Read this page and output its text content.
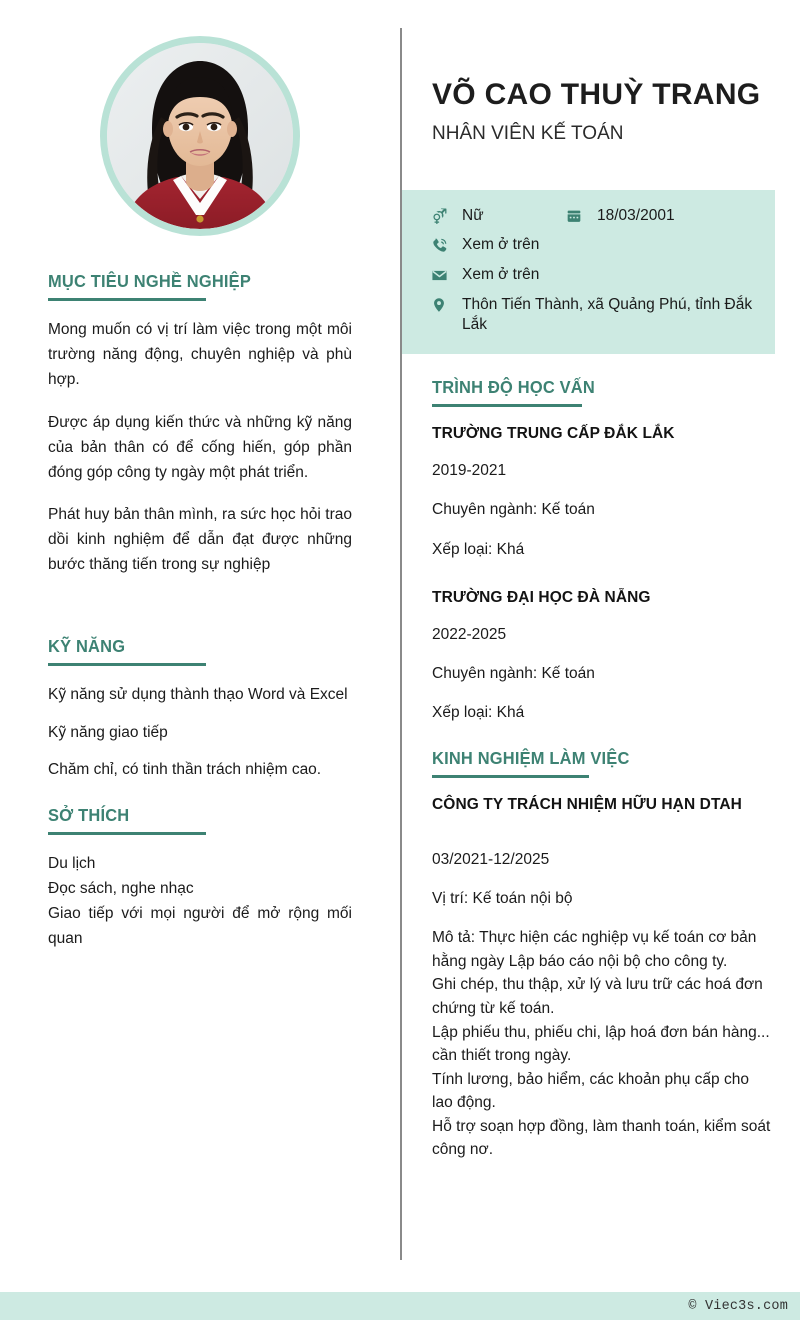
MỤC TIÊU NGHỀ NGHIỆP
Mong muốn có vị trí làm việc trong một môi trường năng động, chuyên nghiệp và phù hợp.
Được áp dụng kiến thức và những kỹ năng của bản thân có để cống hiến, góp phần đóng góp công ty ngày một phát triển.
Phát huy bản thân mình, ra sức học hỏi trao dồi kinh nghiệm để dẫn đạt được những bước thăng tiến trong sự nghiệp
KỸ NĂNG
Kỹ năng sử dụng thành thạo Word và Excel
Kỹ năng giao tiếp
Chăm chỉ, có tinh thần trách nhiệm cao.
SỞ THÍCH
Du lịch
Đọc sách, nghe nhạc
Giao tiếp với mọi người để mở rộng mối quan
VÕ CAO THUỲ TRANG
NHÂN VIÊN KẾ TOÁN
Nữ	18/03/2001
Xem ở trên
Xem ở trên
Thôn Tiến Thành, xã Quảng Phú, tỉnh Đắk Lắk
TRÌNH ĐỘ HỌC VẤN
TRƯỜNG TRUNG CẤP ĐẮK LẮK
2019-2021
Chuyên ngành: Kế toán
Xếp loại: Khá
TRƯỜNG ĐẠI HỌC ĐÀ NẴNG
2022-2025
Chuyên ngành: Kế toán
Xếp loại: Khá
KINH NGHIỆM LÀM VIỆC
CÔNG TY TRÁCH NHIỆM HỮU HẠN DTAH
03/2021-12/2025
Vị trí: Kế toán nội bộ
Mô tả: Thực hiện các nghiệp vụ kế toán cơ bản hằng ngày Lập báo cáo nội bộ cho công ty.
Ghi chép, thu thập, xử lý và lưu trữ các hoá đơn chứng từ kế toán.
Lập phiếu thu, phiếu chi, lập hoá đơn bán hàng... cần thiết trong ngày.
Tính lương, bảo hiểm, các khoản phụ cấp cho lao động.
Hỗ trợ soạn hợp đồng, làm thanh toán, kiểm soát công nơ.
© Viec3s.com
